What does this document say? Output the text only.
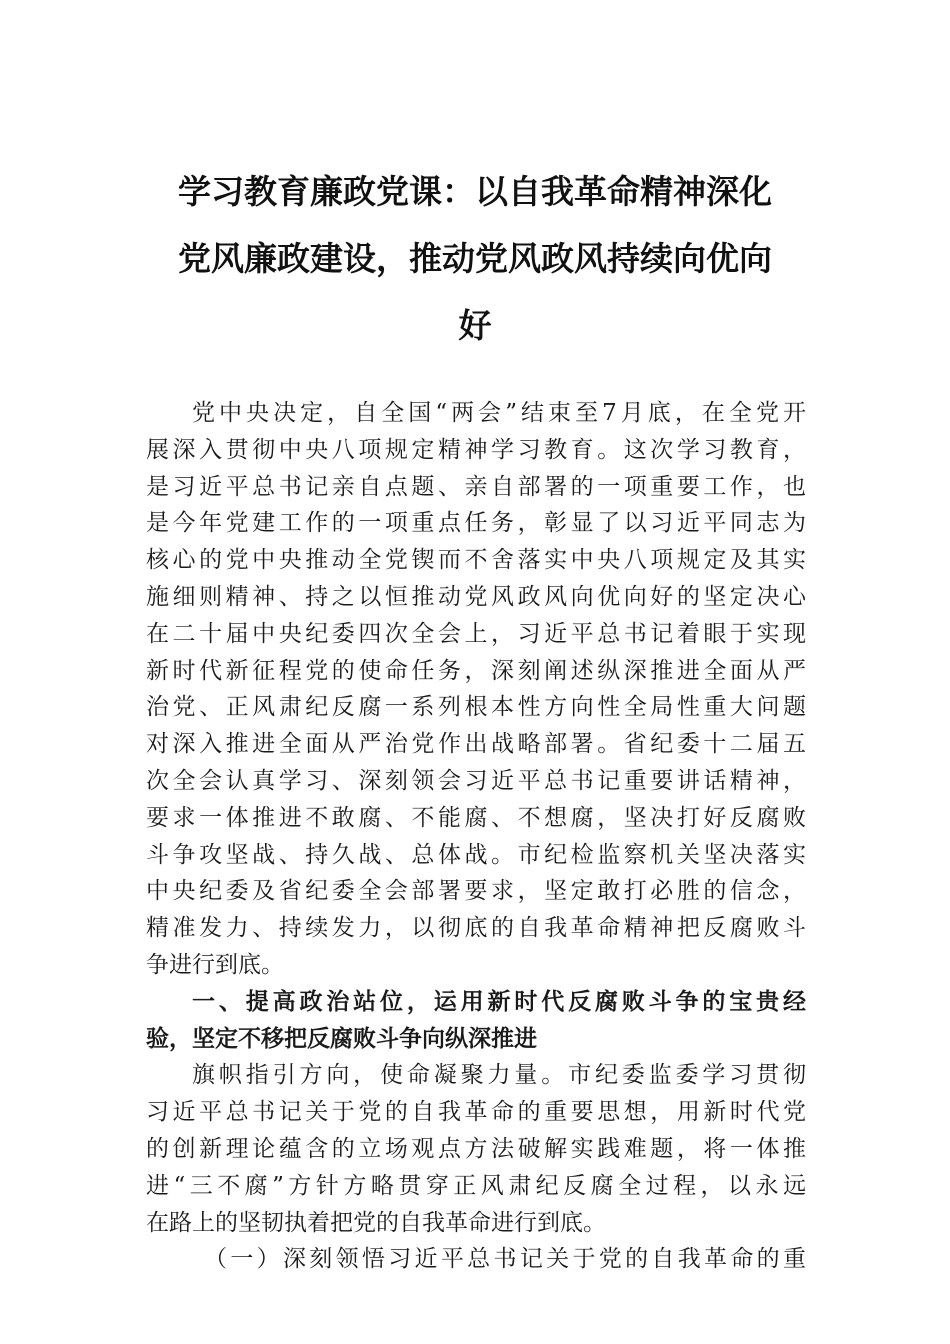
学习教育廉政党课：以自我革命精神深化
党风廉政建设，推动党风政风持续向优向
好
党中央决定，自全国“两会”结束至7月底，在全党开
展深入贯彻中央八项规定精神学习教育。这次学习教育，
是习近平总书记亲自点题、亲自部署的一项重要工作，也
是今年党建工作的一项重点任务，彰显了以习近平同志为
核心的党中央推动全党锲而不舍落实中央八项规定及其实
施细则精神、持之以恒推动党风政风向优向好的坚定决心
在二十届中央纪委四次全会上，习近平总书记着眼于实现
新时代新征程党的使命任务，深刻阐述纵深推进全面从严
治党、正风肃纪反腐一系列根本性方向性全局性重大问题
对深入推进全面从严治党作出战略部署。省纪委十二届五
次全会认真学习、深刻领会习近平总书记重要讲话精神，
要求一体推进不敢腐、不能腐、不想腐，坚决打好反腐败
斗争攻坚战、持久战、总体战。市纪检监察机关坚决落实
中央纪委及省纪委全会部署要求，坚定敢打必胜的信念，
精准发力、持续发力，以彻底的自我革命精神把反腐败斗
争进行到底。
一、提高政治站位，运用新时代反腐败斗争的宝贵经
验，坚定不移把反腐败斗争向纵深推进
旗帜指引方向，使命凝聚力量。市纪委监委学习贯彻
习近平总书记关于党的自我革命的重要思想，用新时代党
的创新理论蕴含的立场观点方法破解实践难题，将一体推
进“三不腐”方针方略贯穿正风肃纪反腐全过程，以永远
在路上的坚韧执着把党的自我革命进行到底。
（一）深刻领悟习近平总书记关于党的自我革命的重
